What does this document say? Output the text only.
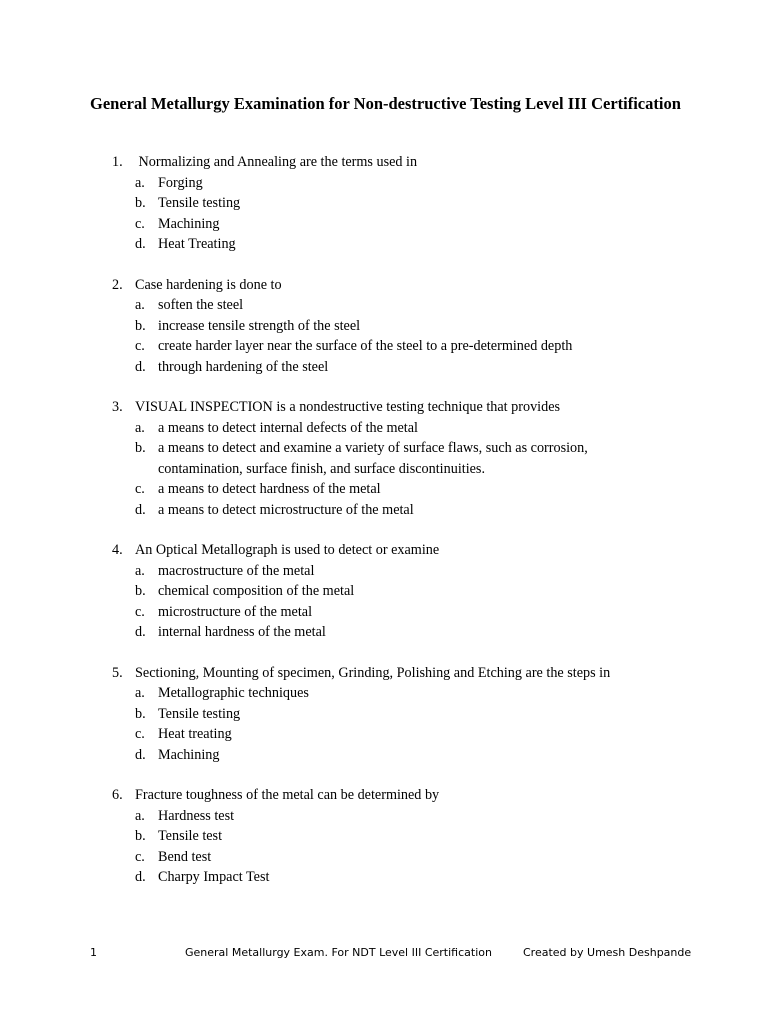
General Metallurgy Examination for Non-destructive Testing Level III Certification
1. Normalizing and Annealing are the terms used in
a. Forging
b. Tensile testing
c. Machining
d. Heat Treating
2. Case hardening is done to
a. soften the steel
b. increase tensile strength of the steel
c. create harder layer near the surface of the steel to a pre-determined depth
d. through hardening of the steel
3. VISUAL INSPECTION is a nondestructive testing technique that provides
a. a means to detect internal defects of the metal
b. a means to detect and examine a variety of surface flaws, such as corrosion, contamination, surface finish, and surface discontinuities.
c. a means to detect hardness of the metal
d. a means to detect microstructure of the metal
4. An Optical Metallograph is used to detect or examine
a. macrostructure of the metal
b. chemical composition of the metal
c. microstructure of the metal
d. internal hardness of the metal
5. Sectioning, Mounting of specimen, Grinding, Polishing and Etching are the steps in
a. Metallographic techniques
b. Tensile testing
c. Heat treating
d. Machining
6. Fracture toughness of the metal can be determined by
a. Hardness test
b. Tensile test
c. Bend test
d. Charpy Impact Test
1	General Metallurgy Exam. For NDT Level III Certification	Created by Umesh Deshpande
